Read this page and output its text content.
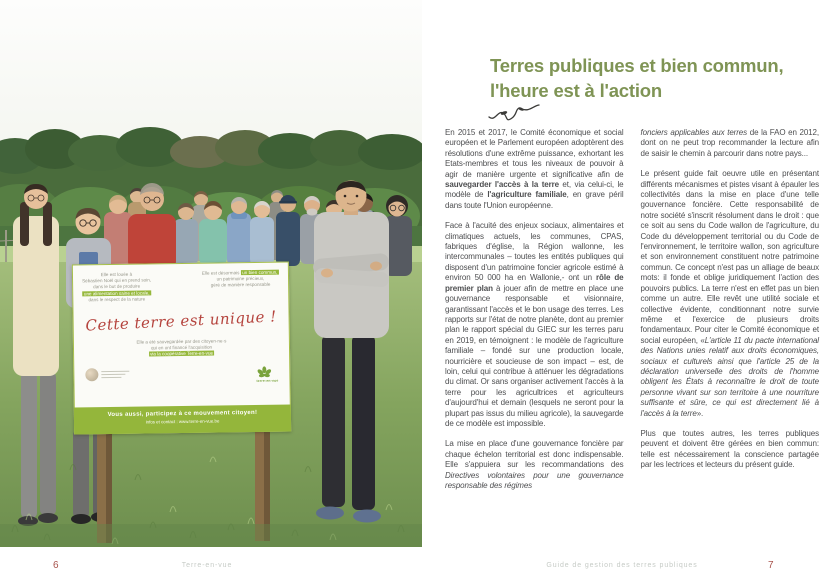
Elle est louée à
Sébastien Noël qui en prend soin,
dans le but de produire
une alimentation saine et locale,
dans le respect de la nature
Elle est désormais un bien commun,
un patrimoine précieux,
géré de manière responsable
Cette terre est unique !
Elle a été sauvegardée par des citoyen·ne·s
qui en ont financé l'acquisition
via la coopérative Terre-en-vue
terre-en-vue
Vous aussi, participez à ce mouvement citoyen!
infos et contact : www.terre-en-vue.be
6	Terre-en-vue
Terres publiques et bien commun,
l'heure est à l'action

En 2015 et 2017, le Comité économique et social européen et le Parlement européen adoptèrent des résolutions d'une extrême puissance, exhortant les Etats-membres et tous les niveaux de pouvoir à agir de manière urgente et significative afin de sauvegarder l'accès à la terre et, via celui-ci, le modèle de l'agriculture familiale, en grave péril dans toute l'Union européenne.

Face à l'acuité des enjeux sociaux, alimentaires et climatiques actuels, les communes, CPAS, fabriques d'église, la Région wallonne, les intercommunales – toutes les entités publiques qui disposent d'un patrimoine foncier agricole estimé à environ 50 000 ha en Wallonie,- ont un rôle de premier plan à jouer afin de mettre en place une gouvernance responsable et visionnaire, garantissant l'accès et le bon usage des terres. Les rapports sur l'état de notre planète, dont au premier plan le rapport spécial du GIEC sur les terres paru en 2019, en témoignent : le modèle de l'agriculture familiale – fondé sur une production locale, nourricière et soucieuse de son impact – est, de loin, celui qui contribue à atténuer les dégradations du climat. Or sans organiser activement l'accès à la terre pour les agricultrices et agriculteurs d'aujourd'hui et demain (lesquels ne seront pour la plupart pas issus du milieu agricole), la sauvegarde de ce modèle est impossible.

La mise en place d'une gouvernance foncière par chaque échelon territorial est donc indispensable. Elle s'appuiera sur les recommandations des Directives volontaires pour une gouvernance responsable des régimes

fonciers applicables aux terres de la FAO en 2012, dont on ne peut trop recommander la lecture afin de saisir le chemin à parcourir dans notre pays...

Le présent guide fait oeuvre utile en présentant différents mécanismes et pistes visant à épauler les collectivités dans la mise en place d'une telle gouvernance foncière. Cette responsabilité de notre société s'inscrit résolument dans le droit : que ce soit au sens du Code wallon de l'agriculture, du Code du développement territorial ou du Code de l'environnement, le territoire wallon, son agriculture et son environnement constituent notre patrimoine commun. Ce concept n'est pas un alliage de beaux mots: il fonde et oblige juridiquement l'action des pouvoirs publics. La terre n'est en effet pas un bien comme un autre. Elle revêt une utilité sociale et collective évidente, conditionnant notre survie même et l'exercice de plusieurs droits fondamentaux. Pour citer le Comité économique et social européen, «L'article 11 du pacte international des Nations unies relatif aux droits économiques, sociaux et culturels ainsi que l'article 25 de la déclaration universelle des droits de l'homme obligent les États à reconnaître le droit de toute personne vivant sur son territoire à une nourriture suffisante et sûre, ce qui est directement lié à l'accès à la terre».

Plus que toutes autres, les terres publiques peuvent et doivent être gérées en bien commun: telle est nécessairement la conscience partagée par les lectrices et lecteurs du présent guide.

Guide de gestion des terres publiques	7
